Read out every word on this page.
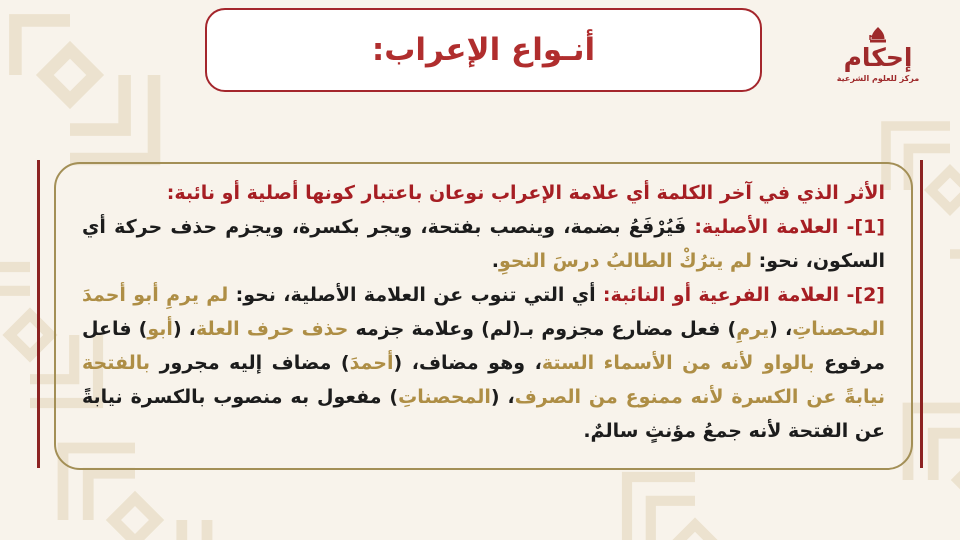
أنـواع الإعراب:	إحكام
مركز للعلوم الشرعية

الأثر الذي في آخر الكلمة أي علامة الإعراب نوعان باعتبار كونها أصلية أو نائبة:

[1]- العلامة الأصلية: فَيُرْفَعُ بضمة، وينصب بفتحة، ويجر بكسرة، ويجزم حذف حركة أي السكون، نحو: لم يترُكْ الطالبُ درسَ النحوِ.

[2]- العلامة الفرعية أو النائبة: أي التي تنوب عن العلامة الأصلية، نحو: لم يرمِ أبو أحمدَ المحصناتِ، (يرمِ) فعل مضارع مجزوم بـ(لم) وعلامة جزمه حذف حرف العلة، (أبو) فاعل مرفوع بالواو لأنه من الأسماء الستة، وهو مضاف، (أحمدَ) مضاف إليه مجرور بالفتحة نيابةً عن الكسرة لأنه ممنوع من الصرف، (المحصناتِ) مفعول به منصوب بالكسرة نيابةً عن الفتحة لأنه جمعُ مؤنثٍ سالمٌ.
